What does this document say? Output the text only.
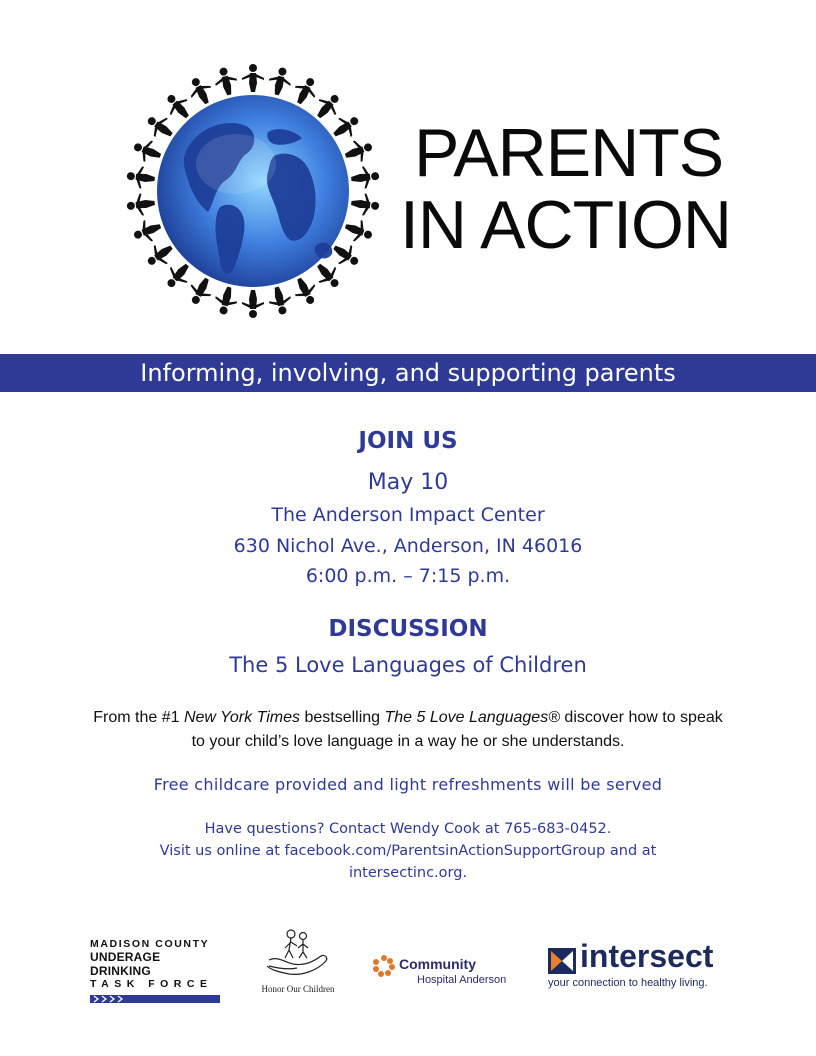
PARENTS
IN ACTION
Informing, involving, and supporting parents
JOIN US
May 10
The Anderson Impact Center
630 Nichol Ave., Anderson, IN 46016
6:00 p.m. – 7:15 p.m.
DISCUSSION
The 5 Love Languages of Children
From the #1 New York Times bestselling The 5 Love Languages® discover how to speak to your child’s love language in a way he or she understands.
Free childcare provided and light refreshments will be served
Have questions? Contact Wendy Cook at 765-683-0452.
Visit us online at facebook.com/ParentsinActionSupportGroup and at
intersectinc.org.
MADISON COUNTY
UNDERAGE DRINKING
TASK FORCE	Honor Our Children
Community
Hospital Anderson
intersect
your connection to healthy living.
